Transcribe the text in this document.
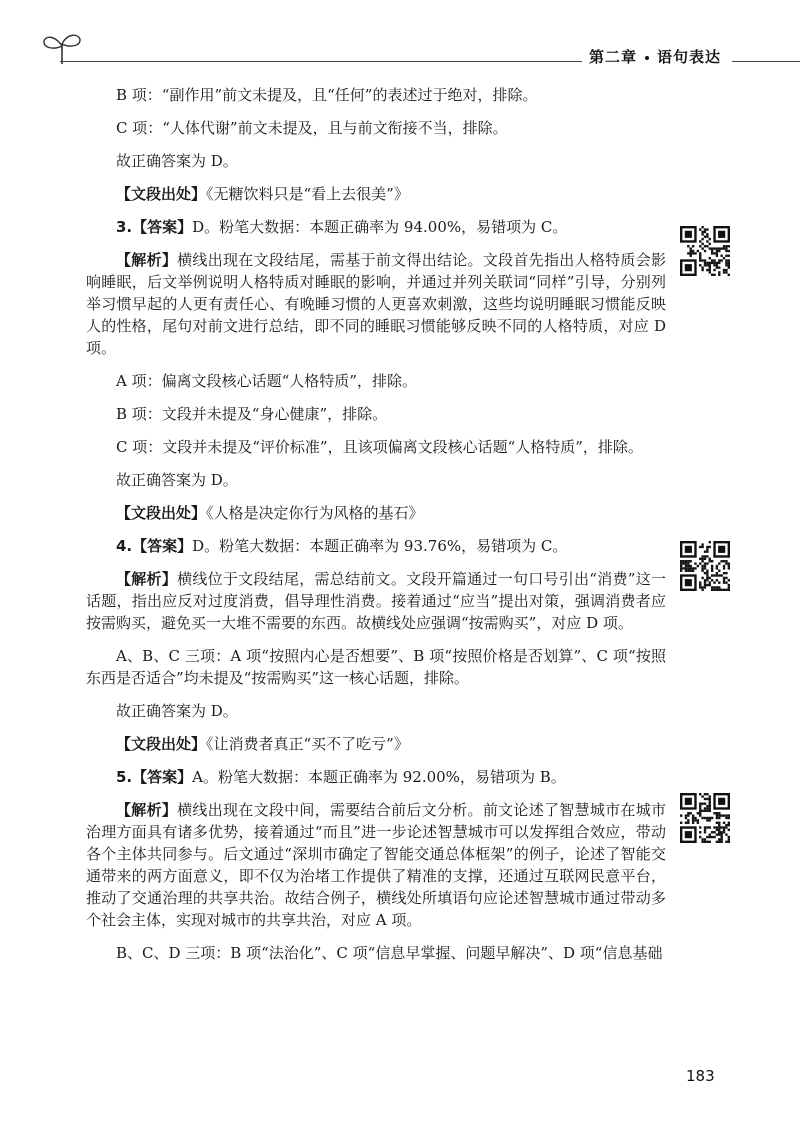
第二章 语句表达

B 项：“副作用”前文未提及，且“任何”的表述过于绝对，排除。

C 项：“人体代谢”前文未提及，且与前文衔接不当，排除。

故正确答案为 D。

【文段出处】《无糖饮料只是“看上去很美”》

3.【答案】D。粉笔大数据：本题正确率为 94.00%，易错项为 C。

【解析】横线出现在文段结尾，需基于前文得出结论。文段首先指出人格特质会影响睡眠，后文举例说明人格特质对睡眠的影响，并通过并列关联词“同样”引导，分别列举习惯早起的人更有责任心、有晚睡习惯的人更喜欢刺激，这些均说明睡眠习惯能反映人的性格，尾句对前文进行总结，即不同的睡眠习惯能够反映不同的人格特质，对应 D 项。

A 项：偏离文段核心话题“人格特质”，排除。

B 项：文段并未提及“身心健康”，排除。

C 项：文段并未提及“评价标准”，且该项偏离文段核心话题“人格特质”，排除。

故正确答案为 D。

【文段出处】《人格是决定你行为风格的基石》

4.【答案】D。粉笔大数据：本题正确率为 93.76%，易错项为 C。

【解析】横线位于文段结尾，需总结前文。文段开篇通过一句口号引出“消费”这一话题，指出应反对过度消费，倡导理性消费。接着通过“应当”提出对策，强调消费者应按需购买，避免买一大堆不需要的东西。故横线处应强调“按需购买”，对应 D 项。

A、B、C 三项：A 项“按照内心是否想要”、B 项“按照价格是否划算”、C 项“按照东西是否适合”均未提及“按需购买”这一核心话题，排除。

故正确答案为 D。

【文段出处】《让消费者真正“买不了吃亏”》

5.【答案】A。粉笔大数据：本题正确率为 92.00%，易错项为 B。

【解析】横线出现在文段中间，需要结合前后文分析。前文论述了智慧城市在城市治理方面具有诸多优势，接着通过“而且”进一步论述智慧城市可以发挥组合效应，带动各个主体共同参与。后文通过“深圳市确定了智能交通总体框架”的例子，论述了智能交通带来的两方面意义，即不仅为治堵工作提供了精准的支撑，还通过互联网民意平台，推动了交通治理的共享共治。故结合例子，横线处所填语句应论述智慧城市通过带动多个社会主体，实现对城市的共享共治，对应 A 项。

B、C、D 三项：B 项“法治化”、C 项“信息早掌握、问题早解决”、D 项“信息基础

183
